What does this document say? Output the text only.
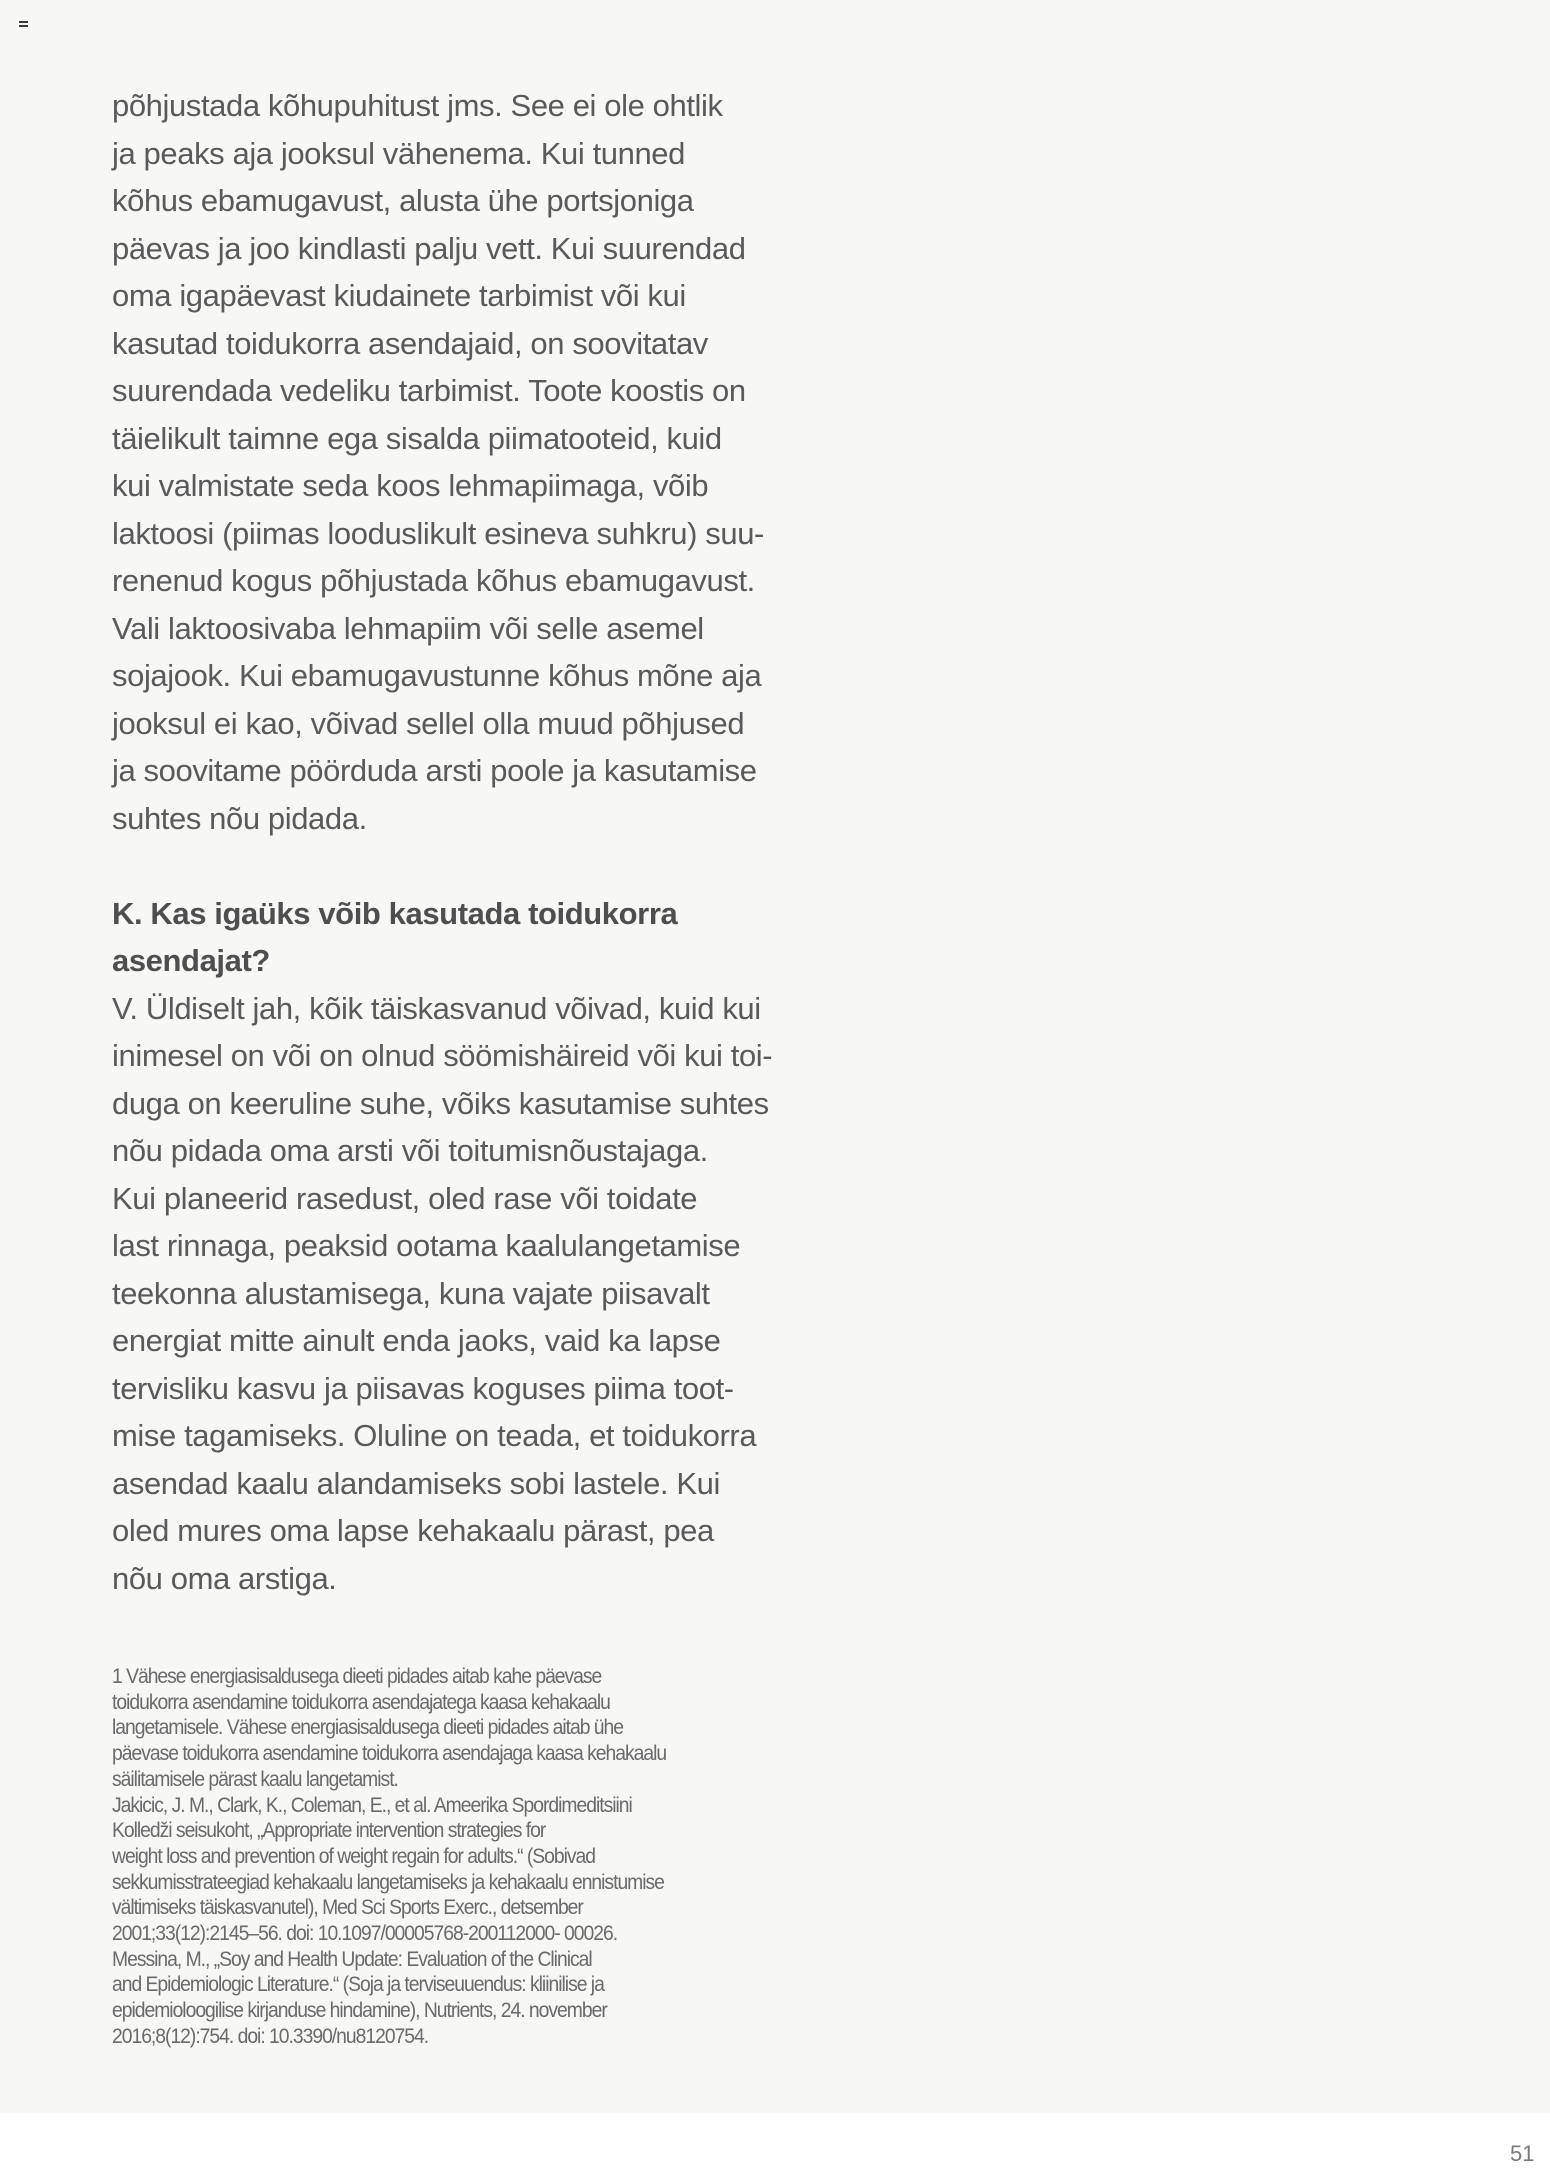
põhjustada kõhupuhitust jms. See ei ole ohtlik
ja peaks aja jooksul vähenema. Kui tunned
kõhus ebamugavust, alusta ühe portsjoniga
päevas ja joo kindlasti palju vett. Kui suurendad
oma igapäevast kiudainete tarbimist või kui
kasutad toidukorra asendajaid, on soovitatav
suurendada vedeliku tarbimist. Toote koostis on
täielikult taimne ega sisalda piimatooteid, kuid
kui valmistate seda koos lehmapiimaga, võib
laktoosi (piimas looduslikult esineva suhkru) suu-
renenud kogus põhjustada kõhus ebamugavust.
Vali laktoosivaba lehmapiim või selle asemel
sojajook. Kui ebamugavustunne kõhus mõne aja
jooksul ei kao, võivad sellel olla muud põhjused
ja soovitame pöörduda arsti poole ja kasutamise
suhtes nõu pidada.
K. Kas igaüks võib kasutada toidukorra
asendajat?
V. Üldiselt jah, kõik täiskasvanud võivad, kuid kui
inimesel on või on olnud söömishäireid või kui toi-
duga on keeruline suhe, võiks kasutamise suhtes
nõu pidada oma arsti või toitumisnõustajaga.
Kui planeerid rasedust, oled rase või toidate
last rinnaga, peaksid ootama kaalulangetamise
teekonna alustamisega, kuna vajate piisavalt
energiat mitte ainult enda jaoks, vaid ka lapse
tervisliku kasvu ja piisavas koguses piima toot-
mise tagamiseks. Oluline on teada, et toidukorra
asendad kaalu alandamiseks sobi lastele. Kui
oled mures oma lapse kehakaalu pärast, pea
nõu oma arstiga.
1 Vähese energiasisaldusega dieeti pidades aitab kahe päevase
toidukorra asendamine toidukorra asendajatega kaasa kehakaalu
langetamisele. Vähese energiasisaldusega dieeti pidades aitab ühe
päevase toidukorra asendamine toidukorra asendajaga kaasa kehakaalu
säilitamisele pärast kaalu langetamist.
Jakicic, J. M., Clark, K., Coleman, E., et al. Ameerika Spordimeditsiini
Kolledži seisukoht, „Appropriate intervention strategies for
weight loss and prevention of weight regain for adults.“ (Sobivad
sekkumisstrateegiad kehakaalu langetamiseks ja kehakaalu ennistumise
vältimiseks täiskasvanutel), Med Sci Sports Exerc., detsember
2001;33(12):2145–56. doi: 10.1097/00005768-200112000- 00026.
Messina, M., „Soy and Health Update: Evaluation of the Clinical
and Epidemiologic Literature.“ (Soja ja terviseuuendus: kliinilise ja
epidemioloogilise kirjanduse hindamine), Nutrients, 24. november
2016;8(12):754. doi: 10.3390/nu8120754.
51
